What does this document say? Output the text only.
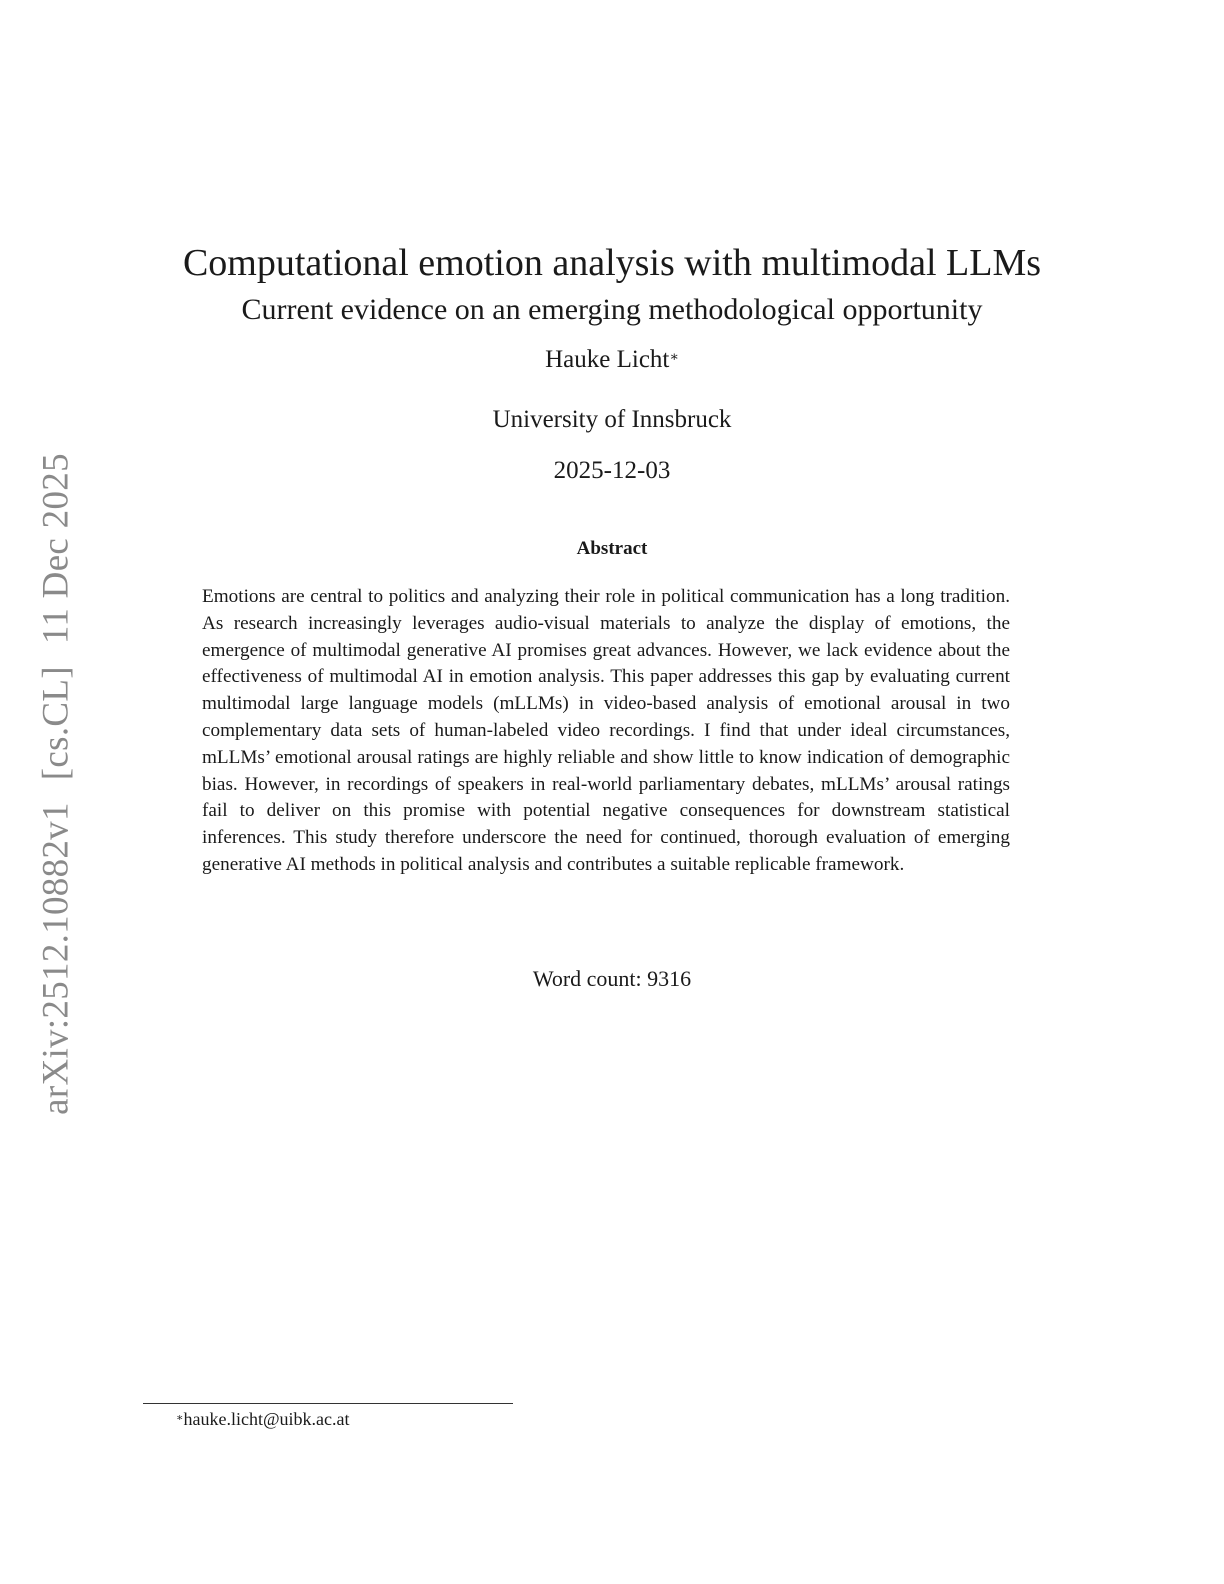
arXiv:2512.10882v1[cs.CL]11 Dec 2025
Computational emotion analysis with multimodal LLMs
Current evidence on an emerging methodological opportunity
Hauke Licht∗
University of Innsbruck
2025-12-03
Abstract

Emotions are central to politics and analyzing their role in political communication has a long tradition. As research increasingly leverages audio-visual materials to analyze the display of emotions, the emergence of multimodal generative AI promises great advances. However, we lack evidence about the effectiveness of multimodal AI in emotion analysis. This paper addresses this gap by evaluating current multimodal large language models (mLLMs) in video-based analysis of emotional arousal in two complementary data sets of human-labeled video recordings. I find that under ideal circumstances, mLLMs’ emotional arousal ratings are highly reliable and show little to know indication of demographic bias. However, in recordings of speakers in real-world parliamentary debates, mLLMs’ arousal ratings fail to deliver on this promise with potential negative consequences for downstream statistical inferences. This study therefore underscore the need for continued, thorough evaluation of emerging generative AI methods in political analysis and contributes a suitable replicable framework.

Word count: 9316
∗hauke.licht@uibk.ac.at
